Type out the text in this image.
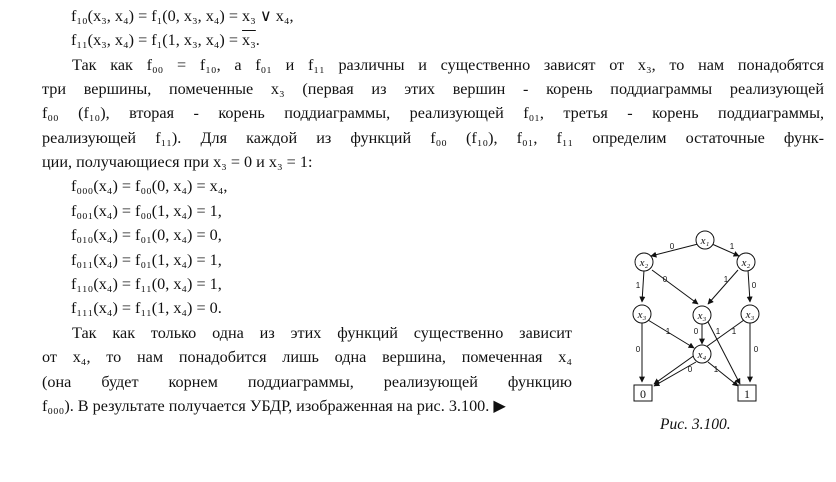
f₁₀(x₃, x₄) = f₁(0, x₃, x₄) = x₃ ∨ x₄,
f₁₁(x₃, x₄) = f₁(1, x₃, x₄) = x₃.
Так как f₀₀ = f₁₀, а f₀₁ и f₁₁ различны и существенно зависят от x₃, то нам понадобятся
три вершины, помеченные x₃ (первая из этих вершин - корень поддиаграммы реализующей
f₀₀ (f₁₀), вторая - корень поддиаграммы, реализующей f₀₁, третья - корень поддиаграммы,
реализующей f₁₁). Для каждой из функций f₀₀ (f₁₀), f₀₁, f₁₁ определим остаточные функ-
ции, получающиеся при x₃ = 0 и x₃ = 1:
f₀₀₀(x₄) = f₀₀(0, x₄) = x₄,
f₀₀₁(x₄) = f₀₀(1, x₄) = 1,
f₀₁₀(x₄) = f₀₁(0, x₄) = 0,
f₀₁₁(x₄) = f₀₁(1, x₄) = 1,
f₁₁₀(x₄) = f₁₁(0, x₄) = 1,
f₁₁₁(x₄) = f₁₁(1, x₄) = 0.
Так как только одна из этих функций существенно зависит
от x₄, то нам понадобится лишь одна вершина, помеченная x₄
(она будет корнем поддиаграммы, реализующей функцию
f₀₀₀). В результате получается УБДР, изображенная на рис. 3.100. ▶
x₁
x₂	x₂
x₃	x₃	x₃
x₄
0	1
0	1
1
0	1
0
0
1	0 1 1
0
0	1
Рис. 3.100.
